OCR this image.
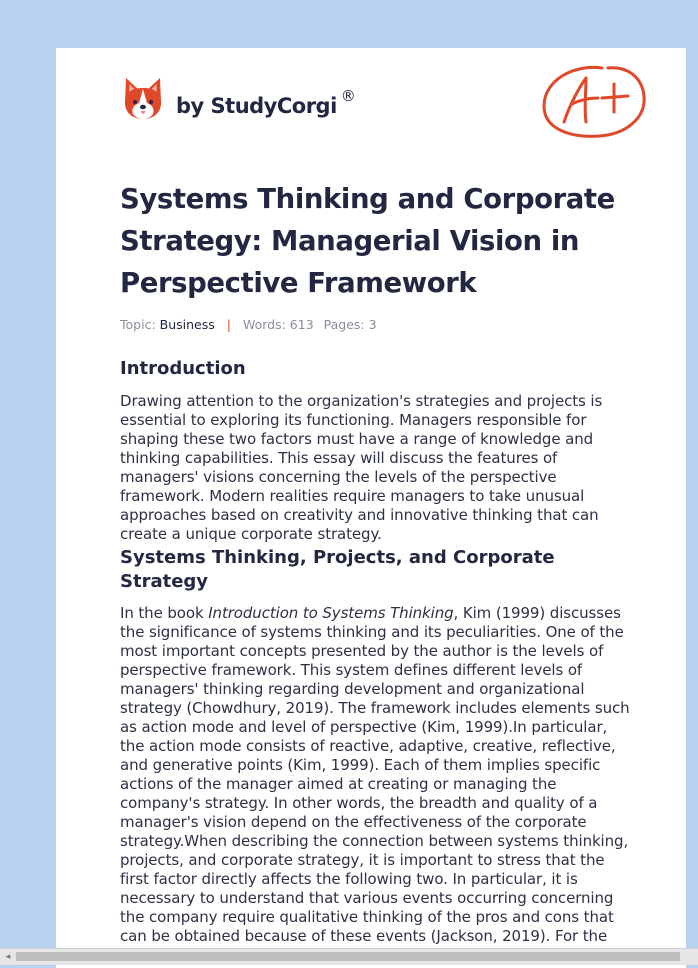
by StudyCorgi ®
Systems Thinking and Corporate Strategy: Managerial Vision in Perspective Framework
Topic: Business | Words: 613 Pages: 3
Introduction

Drawing attention to the organization's strategies and projects is essential to exploring its functioning. Managers responsible for shaping these two factors must have a range of knowledge and thinking capabilities. This essay will discuss the features of managers' visions concerning the levels of the perspective framework. Modern realities require managers to take unusual approaches based on creativity and innovative thinking that can create a unique corporate strategy.

Systems Thinking, Projects, and Corporate Strategy

In the book Introduction to Systems Thinking, Kim (1999) discusses the significance of systems thinking and its peculiarities. One of the most important concepts presented by the author is the levels of perspective framework. This system defines different levels of managers' thinking regarding development and organizational strategy (Chowdhury, 2019). The framework includes elements such as action mode and level of perspective (Kim, 1999).In particular, the action mode consists of reactive, adaptive, creative, reflective, and generative points (Kim, 1999). Each of them implies specific actions of the manager aimed at creating or managing the company's strategy. In other words, the breadth and quality of a manager's vision depend on the effectiveness of the corporate strategy.When describing the connection between systems thinking, projects, and corporate strategy, it is important to stress that the first factor directly affects the following two. In particular, it is necessary to understand that various events occurring concerning the company require qualitative thinking of the pros and cons that can be obtained because of these events (Jackson, 2019). For the

◂
